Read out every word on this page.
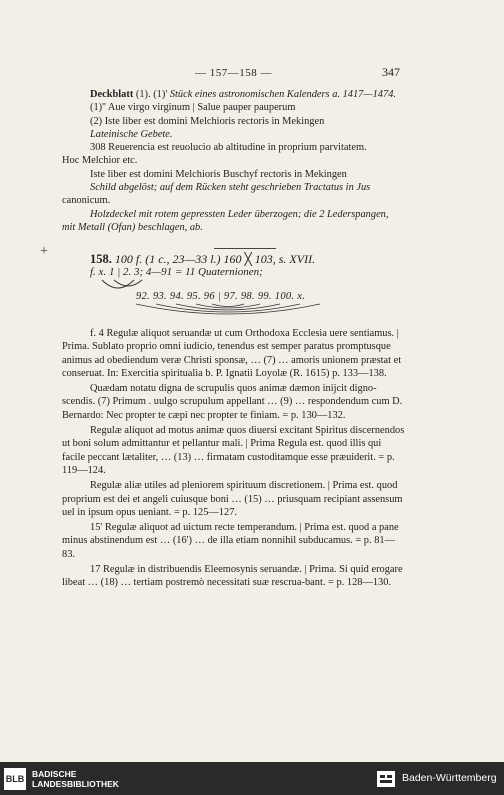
— 157—158 —	347

Deckblatt (1). (1)' Stück eines astronomischen Kalenders a. 1417—1474.

(1)'' Aue virgo virginum | Salue pauper pauperum

(2) Iste liber est domini Melchioris rectoris in Mekingen

Lateinische Gebete.

308 Reuerencia est reuolucio ab altitudine in proprium parvitatem.

Hoc Melchior etc.

Iste liber est domini Melchioris Buschyf rectoris in Mekingen

Schild abgelöst; auf dem Rücken steht geschrieben Tractatus in Jus

canonicum.

Holzdeckel mit rotem gepressten Leder überzogen; die 2 Lederspangen,

mit Metall (Ofan) beschlagen, ab.

+	158. 100 f. (1 c., 23—33 l.) 160 ╳ 103, s. XVII.
f. x. 1 | 2. 3; 4—91 = 11 Quaternionen;
92. 93. 94. 95. 96 | 97. 98. 99. 100. x.

f. 4 Regulæ aliquot seruandæ ut cum Orthodoxa Ecclesia uere sentiamus. | Prima. Sublato proprio omni iudicio, tenendus est semper paratus promptusque animus ad obediendum veræ Christi sponsæ, … (7) … amoris unionem præstat et conseruat. In: Exercitia spiritualia b. P. Ignatii Loyolæ (R. 1615) p. 133—138.

Quædam notatu digna de scrupulis quos animæ dæmon inijcit digno-scendis. (7) Primum . uulgo scrupulum appellant … (9) … respondendum cum D. Bernardo: Nec propter te cæpi nec propter te finiam. = p. 130—132.

Regulæ aliquot ad motus animæ quos diuersi excitant Spiritus discernendos ut boni solum admittantur et pellantur mali. | Prima Regula est. quod illis qui facile peccant lætaliter, … (13) … firmatam custoditamque esse præuiderit. = p. 119—124.

Regulæ aliæ utiles ad pleniorem spirituum discretionem. | Prima est. quod proprium est dei et angeli cuiusque boni … (15) … priusquam recipiant assensum uel in ipsum opus ueniant. = p. 125—127.

15' Regulæ aliquot ad uictum recte temperandum. | Prima est. quod a pane minus abstinendum est … (16') … de illa etiam nonnihil subducamus. = p. 81—83.

17 Regulæ in distribuendis Eleemosynis seruandæ. | Prima. Si quid erogare libeat … (18) … tertiam postremò necessitati suæ rescrua-bant. = p. 128—130.

BLB BADISCHE
LANDESBIBLIOTHEK	Baden-Württemberg
